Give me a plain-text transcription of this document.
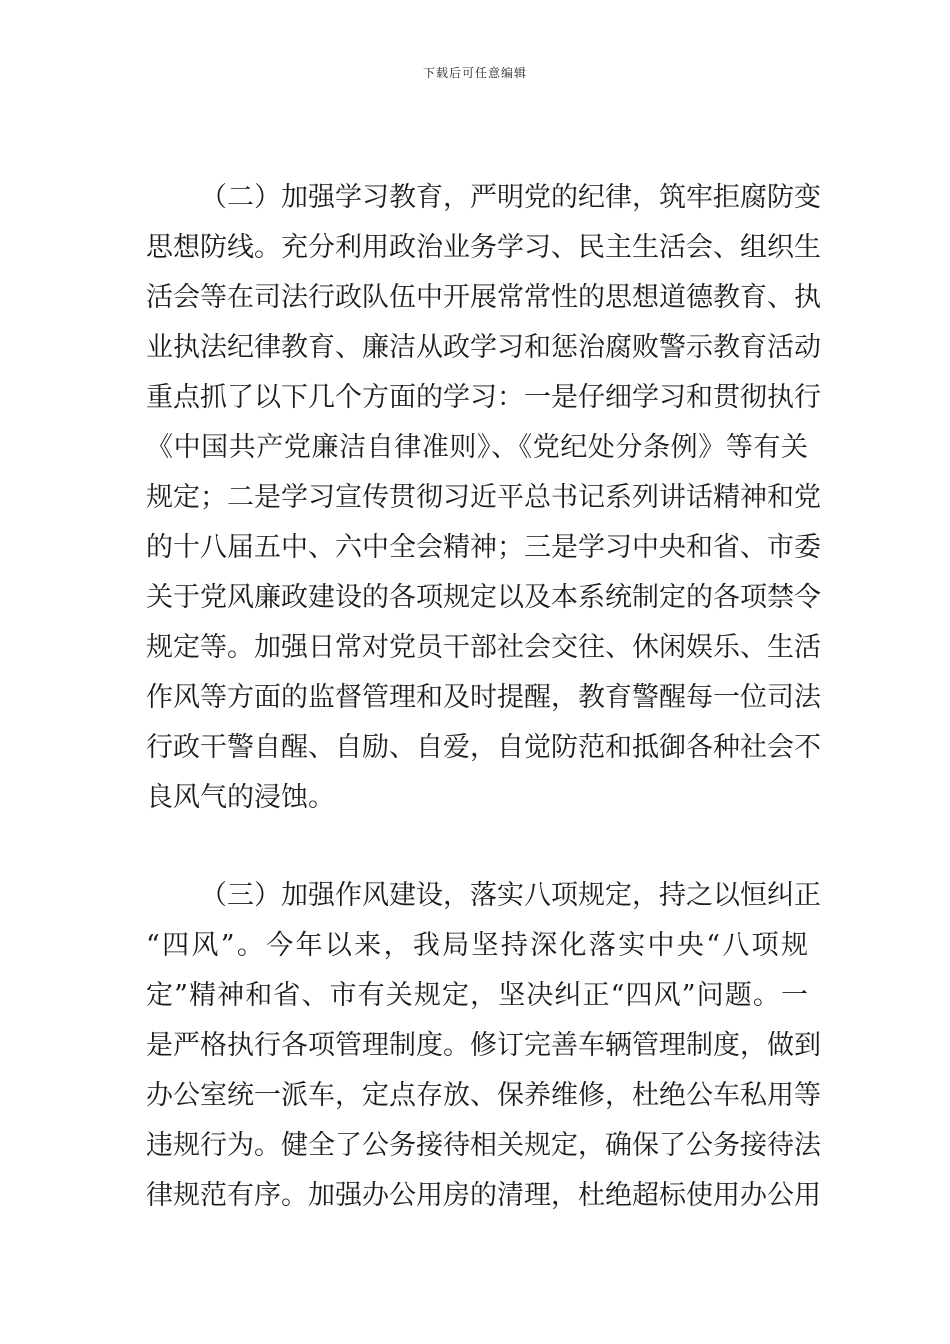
下载后可任意编辑
（二）加强学习教育，严明党的纪律，筑牢拒腐防变
思想防线。充分利用政治业务学习、民主生活会、组织生
活会等在司法行政队伍中开展常常性的思想道德教育、执
业执法纪律教育、廉洁从政学习和惩治腐败警示教育活动
重点抓了以下几个方面的学习：一是仔细学习和贯彻执行
《中国共产党廉洁自律准则》、《党纪处分条例》等有关
规定；二是学习宣传贯彻习近平总书记系列讲话精神和党
的十八届五中、六中全会精神；三是学习中央和省、市委
关于党风廉政建设的各项规定以及本系统制定的各项禁令
规定等。加强日常对党员干部社会交往、休闲娱乐、生活
作风等方面的监督管理和及时提醒，教育警醒每一位司法
行政干警自醒、自励、自爱，自觉防范和抵御各种社会不
良风气的浸蚀。
（三）加强作风建设，落实八项规定，持之以恒纠正
“四风”。今年以来，我局坚持深化落实中央“八项规
定”精神和省、市有关规定，坚决纠正“四风”问题。一
是严格执行各项管理制度。修订完善车辆管理制度，做到
办公室统一派车，定点存放、保养维修，杜绝公车私用等
违规行为。健全了公务接待相关规定，确保了公务接待法
律规范有序。加强办公用房的清理，杜绝超标使用办公用
